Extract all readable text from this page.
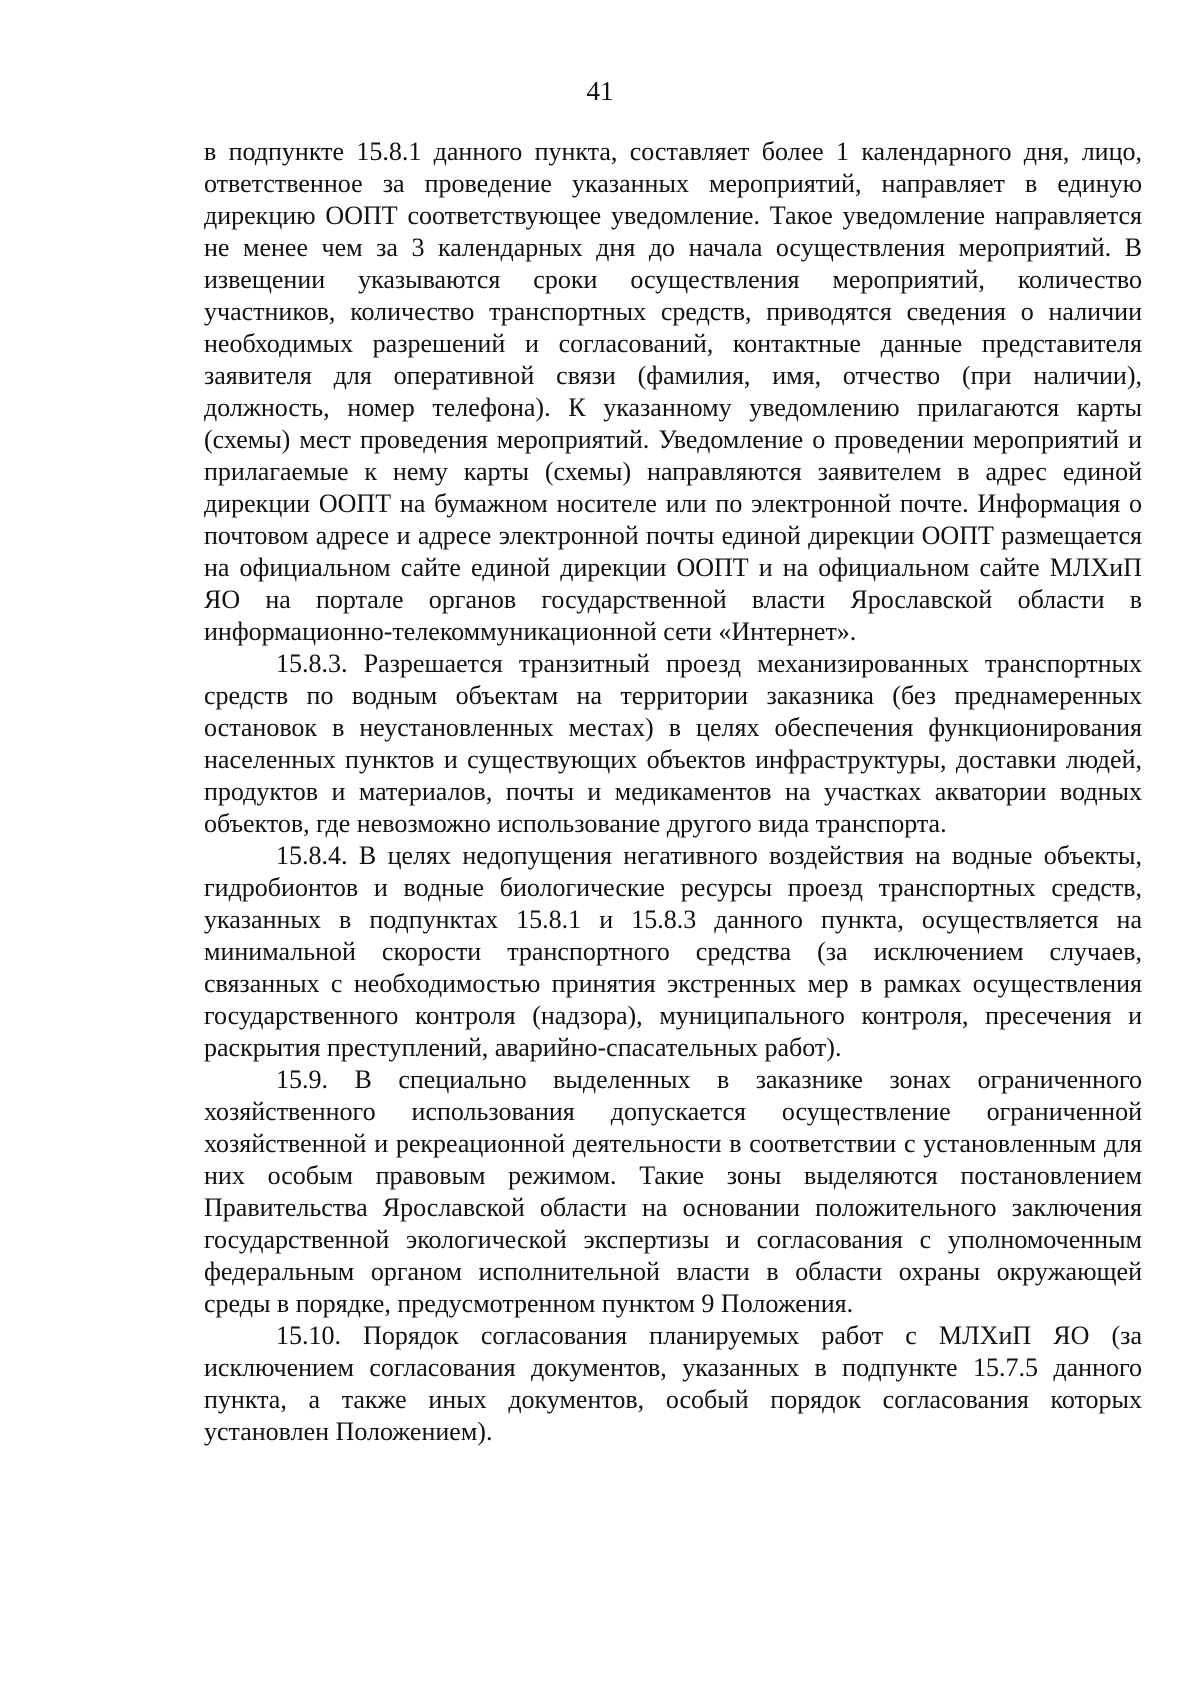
41

в подпункте 15.8.1 данного пункта, составляет более 1 календарного дня, лицо, ответственное за проведение указанных мероприятий, направляет в единую дирекцию ООПТ соответствующее уведомление. Такое уведомление направляется не менее чем за 3 календарных дня до начала осуществления мероприятий. В извещении указываются сроки осуществления мероприятий, количество участников, количество транспортных средств, приводятся сведения о наличии необходимых разрешений и согласований, контактные данные представителя заявителя для оперативной связи (фамилия, имя, отчество (при наличии), должность, номер телефона). К указанному уведомлению прилагаются карты (схемы) мест проведения мероприятий. Уведомление о проведении мероприятий и прилагаемые к нему карты (схемы) направляются заявителем в адрес единой дирекции ООПТ на бумажном носителе или по электронной почте. Информация о почтовом адресе и адресе электронной почты единой дирекции ООПТ размещается на официальном сайте единой дирекции ООПТ и на официальном сайте МЛХиП ЯО на портале органов государственной власти Ярославской области в информационно-телекоммуникационной сети «Интернет».

15.8.3. Разрешается транзитный проезд механизированных транспортных средств по водным объектам на территории заказника (без преднамеренных остановок в неустановленных местах) в целях обеспечения функционирования населенных пунктов и существующих объектов инфраструктуры, доставки людей, продуктов и материалов, почты и медикаментов на участках акватории водных объектов, где невозможно использование другого вида транспорта.

15.8.4. В целях недопущения негативного воздействия на водные объекты, гидробионтов и водные биологические ресурсы проезд транспортных средств, указанных в подпунктах 15.8.1 и 15.8.3 данного пункта, осуществляется на минимальной скорости транспортного средства (за исключением случаев, связанных с необходимостью принятия экстренных мер в рамках осуществления государственного контроля (надзора), муниципального контроля, пресечения и раскрытия преступлений, аварийно-спасательных работ).

15.9. В специально выделенных в заказнике зонах ограниченного хозяйственного использования допускается осуществление ограниченной хозяйственной и рекреационной деятельности в соответствии с установленным для них особым правовым режимом. Такие зоны выделяются постановлением Правительства Ярославской области на основании положительного заключения государственной экологической экспертизы и согласования с уполномоченным федеральным органом исполнительной власти в области охраны окружающей среды в порядке, предусмотренном пунктом 9 Положения.

15.10. Порядок согласования планируемых работ с МЛХиП ЯО (за исключением согласования документов, указанных в подпункте 15.7.5 данного пункта, а также иных документов, особый порядок согласования которых установлен Положением).
